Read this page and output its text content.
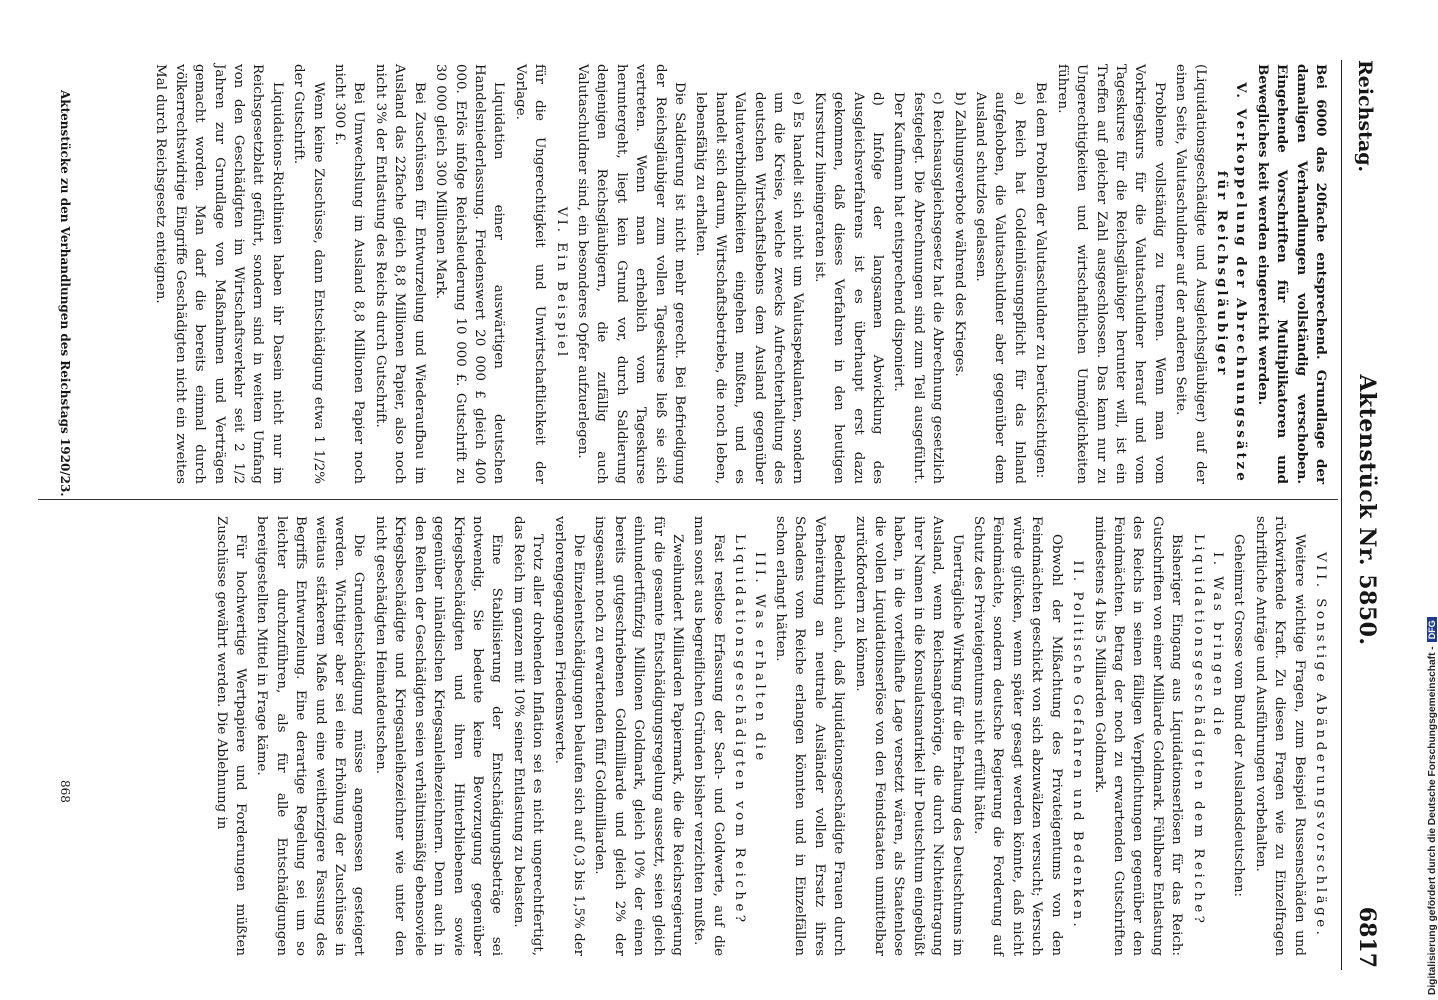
Reichstag.
Aktenstück Nr. 5850.
6817

Bei 6000 das 20fache entsprechend. Grundlage der damaligen Verhandlungen vollständig verschoben. Eingehende Vorschriften für Multiplikatoren und Bewegliches keit werden eingereicht werden.

V. Verkoppelung der Abrechnungssätze für Reichsgläubiger

(Liquidationsgeschädigte und Ausgleichsgläubiger) auf der einen Seite, Valutaschuldner auf der anderen Seite.

Probleme vollständig zu trennen. Wenn man vom Vorkriegskurs für die Valutaschuldner herauf und vom Tageskurse für die Reichsgläubiger herunter will, ist ein Treffen auf gleicher Zahl ausgeschlossen. Das kann nur zu Ungerechtigkeiten und wirtschaftlichen Unmöglichkeiten führen.

Bei dem Problem der Valutaschuldner zu berücksichtigen:

a) Reich hat Goldeinlösungspflicht für das Inland aufgehoben, die Valutaschuldner aber gegenüber dem Ausland schutzlos gelassen.

b) Zahlungsverbote während des Krieges.

c) Reichsausgleichsgesetz hat die Abrechnung gesetzlich festgelegt. Die Abrechnungen sind zum Teil ausgeführt. Der Kaufmann hat entsprechend disponiert.

d) Infolge der langsamen Abwicklung des Ausgleichsverfahrens ist es überhaupt erst dazu gekommen, daß dieses Verfahren in den heutigen Kurssturz hineingeraten ist.

e) Es handelt sich nicht um Valutaspekulanten, sondern um die Kreise, welche zwecks Aufrechterhaltung des deutschen Wirtschaftslebens dem Ausland gegenüber Valutaverbindlichkeiten eingehen mußten, und es handelt sich darum, Wirtschaftsbetriebe, die noch leben, lebensfähig zu erhalten.

Die Saldierung ist nicht mehr gerecht. Bei Befriedigung der Reichsgläubiger zum vollen Tageskurse ließ sie sich vertreten. Wenn man erheblich vom Tageskurse heruntergeht, liegt kein Grund vor, durch Saldierung denjenigen Reichsgläubigern, die zufällig auch Valutaschuldner sind, ein besonderes Opfer aufzuerlegen.

VI. Ein Beispiel

für die Ungerechtigkeit und Unwirtschaftlichkeit der Vorlage.

Liquidation einer auswärtigen deutschen Handelsniederlassung. Friedenswert 20 000 £ gleich 400 000. Erlös infolge Reichsleuderung 10 000 £. Gutschrift zu 30 000 gleich 300 Millionen Mark.

Bei Zuschüssen für Entwurzelung und Wiederaufbau im Ausland das 22fache gleich 8,8 Millionen Papier, also noch nicht 3% der Entlastung des Reichs durch Gutschrift.

Bei Umwechslung im Ausland 8,8 Millionen Papier noch nicht 300 £.

Wenn keine Zuschüsse, dann Entschädigung etwa 1 1/2% der Gutschrift.

Liquidations-Richtlinien haben ihr Dasein nicht nur im Reichsgesetzblatt geführt, sondern sind in weitem Umfang von den Geschädigten im Wirtschaftsverkehr seit 2 1/2 Jahren zur Grundlage von Maßnahmen und Verträgen gemacht worden. Man darf die bereits einmal durch völkerrechtswidrige Eingriffe Geschädigten nicht ein zweites Mal durch Reichsgesetz enteignen.

VII. Sonstige Abänderungsvorschläge.

Weitere wichtige Fragen, zum Beispiel Russenschäden und rückwirkende Kraft. Zu diesen Fragen wie zu Einzelfragen schriftliche Anträge und Ausführungen vorbehalten.

Geheimrat Grosse vom Bund der Auslandsdeutschen:

I. Was bringen die Liquidationsgeschädigten dem Reiche?

Bisheriger Eingang aus Liquidationserlösen für das Reich: Gutschriften von einer Milliarde Goldmark. Fühlbare Entlastung des Reichs in seinen fälligen Verpflichtungen gegenüber den Feindmächten. Betrag der noch zu erwartenden Gutschriften mindestens 4 bis 5 Milliarden Goldmark.

II. Politische Gefahren und Bedenken.

Obwohl der Mißachtung des Privateigentums von den Feindmächten geschickt von sich abzuwälzen versucht; Versuch würde glücken, wenn später gesagt werden könnte, daß nicht Feindmächte, sondern deutsche Regierung die Forderung auf Schutz des Privateigentums nicht erfüllt hätte.

Unerträgliche Wirkung für die Erhaltung des Deutschtums im Ausland, wenn Reichsangehörige, die durch Nichteintragung ihrer Namen in die Konsulatsmatrikel ihr Deutschtum eingebüßt haben, in die vorteilhafte Lage versetzt wären, als Staatenlose die vollen Liquidationserlöse von den Feindstaaten unmittelbar zurückfordern zu können.

Bedenklich auch, daß liquidationsgeschädigte Frauen durch Verheiratung an neutrale Ausländer vollen Ersatz ihres Schadens vom Reiche erlangen könnten und in Einzelfällen schon erlangt hätten.

III. Was erhalten die Liquidationsgeschädigten vom Reiche?

Fast restlose Erfassung der Sach- und Goldwerte, auf die man sonst aus begreiflichen Gründen bisher verzichten mußte.

Zweihundert Milliarden Papiermark, die die Reichsregierung für die gesamte Entschädigungsregelung aussetzt, seien gleich einhundertfünfzig Millionen Goldmark, gleich 10% der einen bereits gutgeschriebenen Goldmilliarde und gleich 2% der insgesamt noch zu erwartenden fünf Goldmilliarden.

Die Einzelentschädigungen belaufen sich auf 0,3 bis 1,5% der verlorengegangenen Friedenswerte.

Trotz aller drohenden Inflation sei es nicht ungerechtfertigt, das Reich im ganzen mit 10% seiner Entlastung zu belasten.

Eine Stabilisierung der Entschädigungsbeträge sei notwendig. Sie bedeute keine Bevorzugung gegenüber Kriegsbeschädigten und ihren Hinterbliebenen sowie gegenüber inländischen Kriegsanleihezeichnern. Denn auch in den Reihen der Geschädigten seien verhältnismäßig ebensoviele Kriegsbeschädigte und Kriegsanleihezeichner wie unter den nicht geschädigten Heimatdeutschen.

Die Grundentschädigung müsse angemessen gesteigert werden. Wichtiger aber sei eine Erhöhung der Zuschüsse in weitaus stärkerem Maße und eine weitherzigere Fassung des Begriffs Entwurzelung. Eine derartige Regelung sei um so leichter durchzuführen, als für alle Entschädigungen bereitgestellten Mittel in Frage käme.

Für hochwertige Wertpapiere und Forderungen müßten Zuschüsse gewährt werden. Die Ablehnung in

Aktenstücke zu den Verhandlungen des Reichstags 1920/23.
868	Digitalisierung gefördert durch die Deutsche Forschungsgemeinschaft -DFG
